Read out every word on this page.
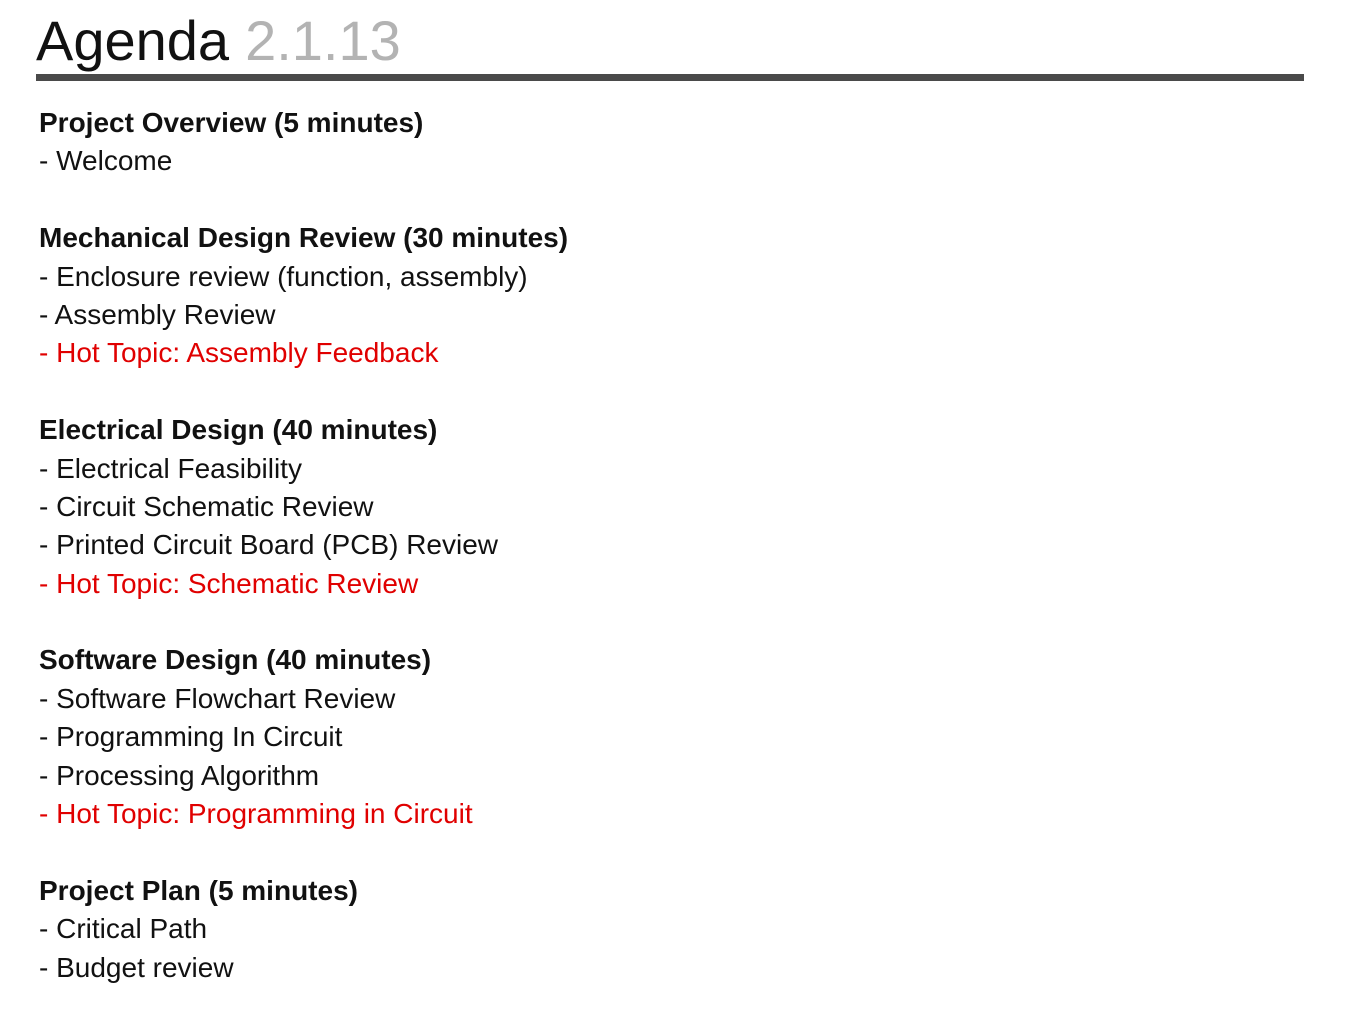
Agenda 2.1.13
Project Overview (5 minutes)
- Welcome
Mechanical Design Review (30 minutes)
- Enclosure review (function, assembly)
- Assembly Review
- Hot Topic: Assembly Feedback
Electrical Design (40 minutes)
- Electrical Feasibility
- Circuit Schematic Review
- Printed Circuit Board (PCB) Review
- Hot Topic: Schematic Review
Software Design (40 minutes)
- Software Flowchart Review
- Programming In Circuit
- Processing Algorithm
- Hot Topic: Programming in Circuit
Project Plan (5 minutes)
- Critical Path
- Budget review
